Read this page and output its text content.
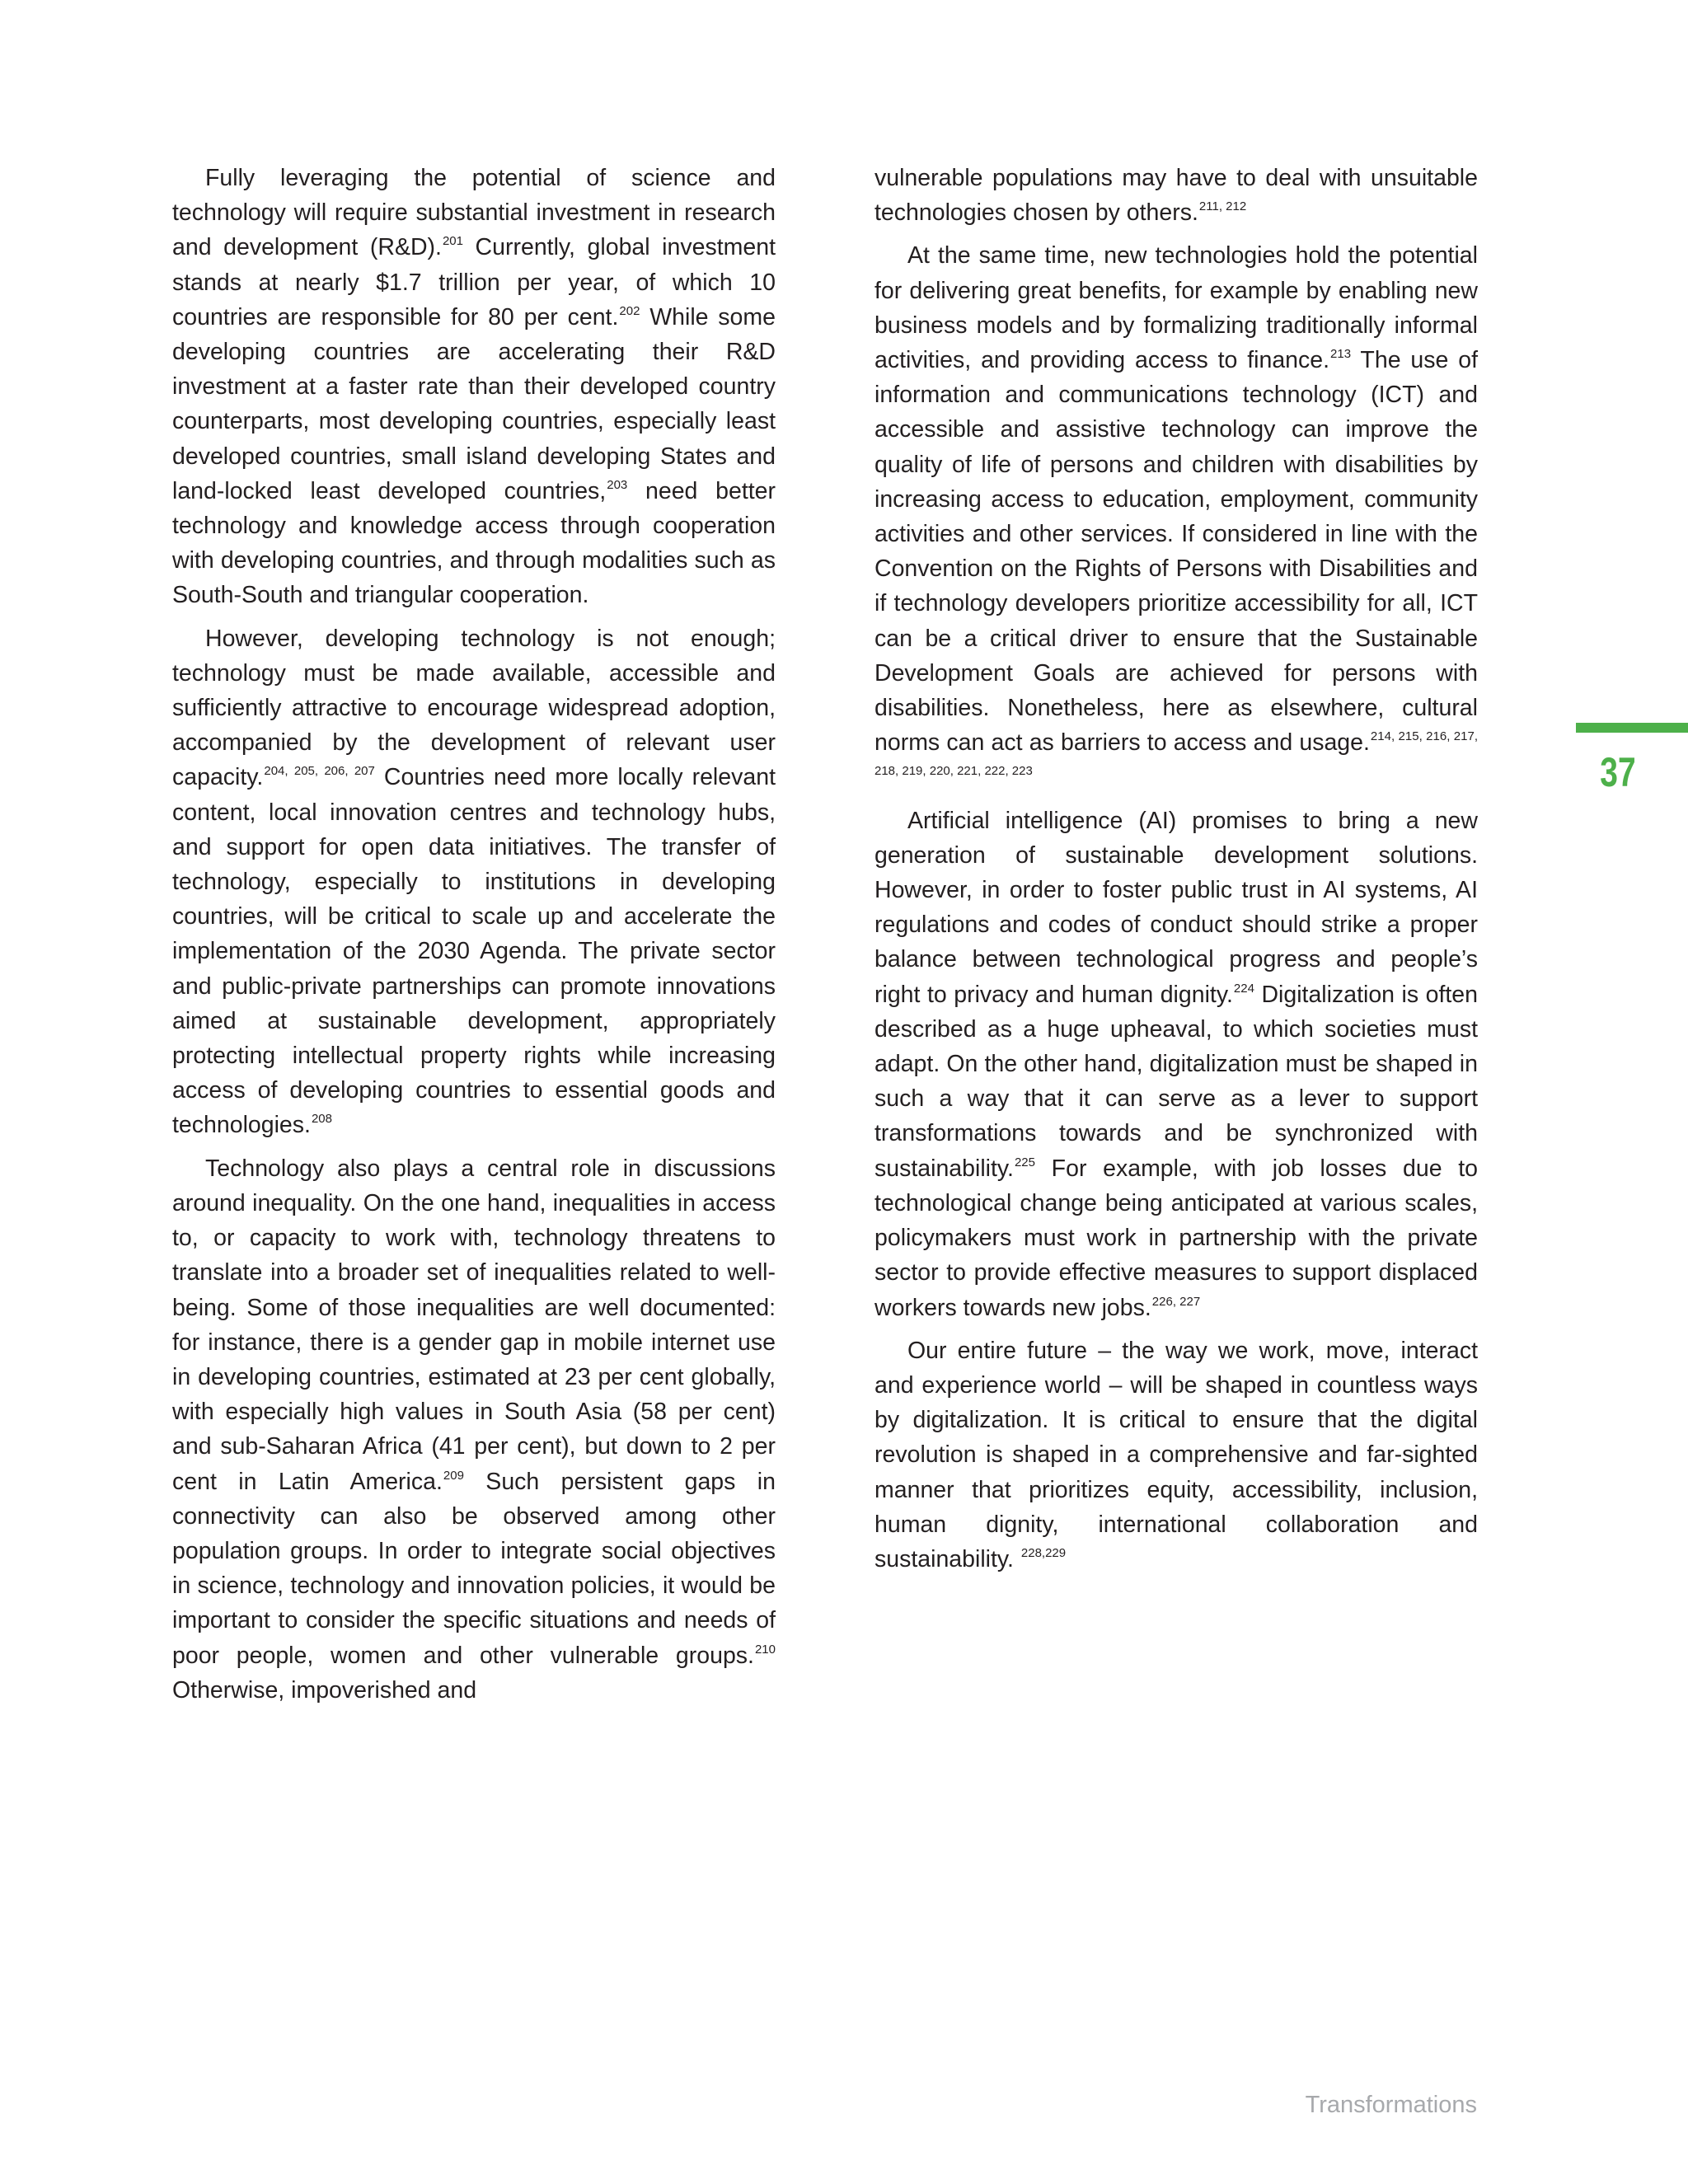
Fully leveraging the potential of science and technology will require substantial investment in research and development (R&D).$^{201}$ Currently, global investment stands at nearly $1.7 trillion per year, of which 10 countries are responsible for 80 per cent.$^{202}$ While some developing countries are accelerating their R&D investment at a faster rate than their developed country counterparts, most developing countries, especially least developed countries, small island developing States and land-locked least developed countries,$^{203}$ need better technology and knowledge access through cooperation with developing countries, and through modalities such as South-South and triangular cooperation.

However, developing technology is not enough; technology must be made available, accessible and sufficiently attractive to encourage widespread adoption, accompanied by the development of relevant user capacity.$^{204, 205, 206, 207}$ Countries need more locally relevant content, local innovation centres and technology hubs, and support for open data initiatives. The transfer of technology, especially to institutions in developing countries, will be critical to scale up and accelerate the implementation of the 2030 Agenda. The private sector and public-private partnerships can promote innovations aimed at sustainable development, appropriately protecting intellectual property rights while increasing access of developing countries to essential goods and technologies.$^{208}$

Technology also plays a central role in discussions around inequality. On the one hand, inequalities in access to, or capacity to work with, technology threatens to translate into a broader set of inequalities related to well-being. Some of those inequalities are well documented: for instance, there is a gender gap in mobile internet use in developing countries, estimated at 23 per cent globally, with especially high values in South Asia (58 per cent) and sub-Saharan Africa (41 per cent), but down to 2 per cent in Latin America.$^{209}$ Such persistent gaps in connectivity can also be observed among other population groups. In order to integrate social objectives in science, technology and innovation policies, it would be important to consider the specific situations and needs of poor people, women and other vulnerable groups.$^{210}$ Otherwise, impoverished and

vulnerable populations may have to deal with unsuitable technologies chosen by others.$^{211, 212}$

At the same time, new technologies hold the potential for delivering great benefits, for example by enabling new business models and by formalizing traditionally informal activities, and providing access to finance.$^{213}$ The use of information and communications technology (ICT) and accessible and assistive technology can improve the quality of life of persons and children with disabilities by increasing access to education, employment, community activities and other services. If considered in line with the Convention on the Rights of Persons with Disabilities and if technology developers prioritize accessibility for all, ICT can be a critical driver to ensure that the Sustainable Development Goals are achieved for persons with disabilities. Nonetheless, here as elsewhere, cultural norms can act as barriers to access and usage.$^{214, 215, 216, 217, 218, 219, 220, 221, 222, 223}$

Artificial intelligence (AI) promises to bring a new generation of sustainable development solutions. However, in order to foster public trust in AI systems, AI regulations and codes of conduct should strike a proper balance between technological progress and people’s right to privacy and human dignity.$^{224}$ Digitalization is often described as a huge upheaval, to which societies must adapt. On the other hand, digitalization must be shaped in such a way that it can serve as a lever to support transformations towards and be synchronized with sustainability.$^{225}$ For example, with job losses due to technological change being anticipated at various scales, policymakers must work in partnership with the private sector to provide effective measures to support displaced workers towards new jobs.$^{226, 227}$

Our entire future – the way we work, move, interact and experience world – will be shaped in countless ways by digitalization. It is critical to ensure that the digital revolution is shaped in a comprehensive and far-sighted manner that prioritizes equity, accessibility, inclusion, human dignity, international collaboration and sustainability. $^{228,229}$

37
Transformations
